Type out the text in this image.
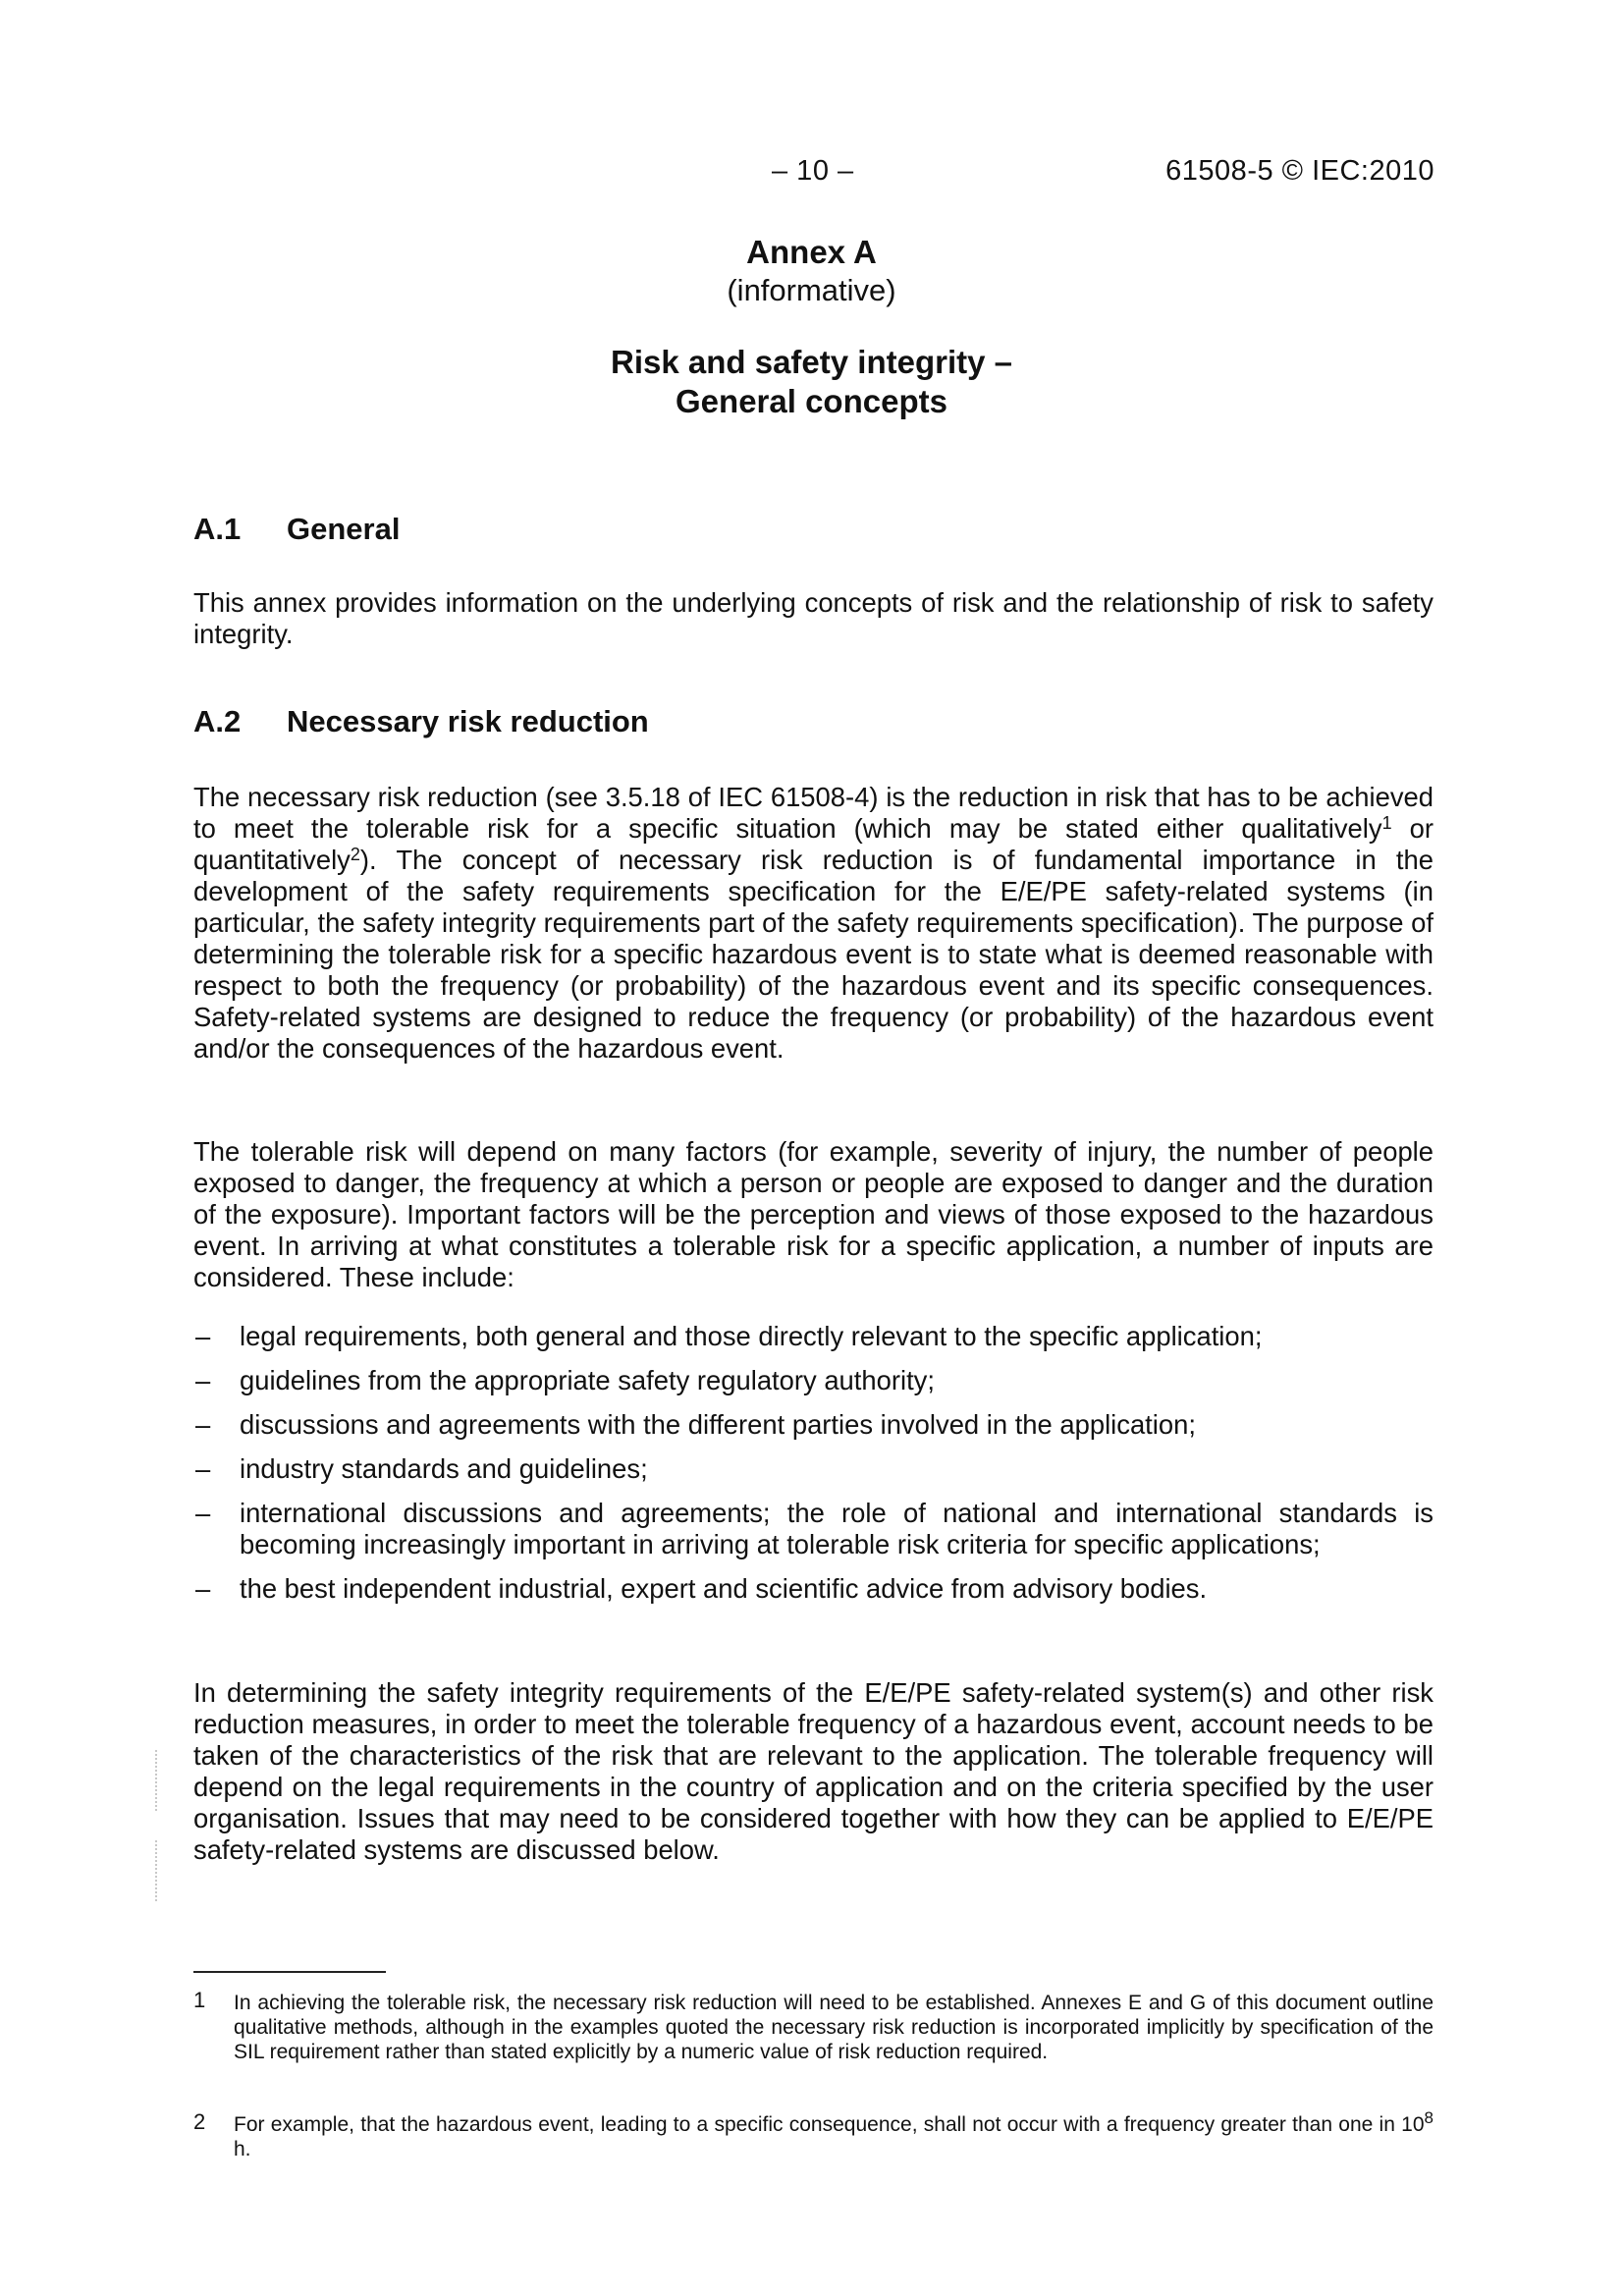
– 10 –	61508-5 © IEC:2010
Annex A
(informative)
Risk and safety integrity –
General concepts
A.1 General

This annex provides information on the underlying concepts of risk and the relationship of risk to safety integrity.

A.2 Necessary risk reduction

The necessary risk reduction (see 3.5.18 of IEC 61508-4) is the reduction in risk that has to be achieved to meet the tolerable risk for a specific situation (which may be stated either qualitatively$^1$ or quantitatively$^2$). The concept of necessary risk reduction is of fundamental importance in the development of the safety requirements specification for the E/E/PE safety-related systems (in particular, the safety integrity requirements part of the safety requirements specification). The purpose of determining the tolerable risk for a specific hazardous event is to state what is deemed reasonable with respect to both the frequency (or probability) of the hazardous event and its specific consequences. Safety-related systems are designed to reduce the frequency (or probability) of the hazardous event and/or the consequences of the hazardous event.

The tolerable risk will depend on many factors (for example, severity of injury, the number of people exposed to danger, the frequency at which a person or people are exposed to danger and the duration of the exposure). Important factors will be the perception and views of those exposed to the hazardous event. In arriving at what constitutes a tolerable risk for a specific application, a number of inputs are considered. These include:

– legal requirements, both general and those directly relevant to the specific application;
– guidelines from the appropriate safety regulatory authority;
– discussions and agreements with the different parties involved in the application;
– industry standards and guidelines;
– international discussions and agreements; the role of national and international standards is becoming increasingly important in arriving at tolerable risk criteria for specific applications;
– the best independent industrial, expert and scientific advice from advisory bodies.

In determining the safety integrity requirements of the E/E/PE safety-related system(s) and other risk reduction measures, in order to meet the tolerable frequency of a hazardous event, account needs to be taken of the characteristics of the risk that are relevant to the application. The tolerable frequency will depend on the legal requirements in the country of application and on the criteria specified by the user organisation. Issues that may need to be considered together with how they can be applied to E/E/PE safety-related systems are discussed below.

1 In achieving the tolerable risk, the necessary risk reduction will need to be established. Annexes E and G of this document outline qualitative methods, although in the examples quoted the necessary risk reduction is incorporated implicitly by specification of the SIL requirement rather than stated explicitly by a numeric value of risk reduction required.
2 For example, that the hazardous event, leading to a specific consequence, shall not occur with a frequency greater than one in $10^8$ h.
